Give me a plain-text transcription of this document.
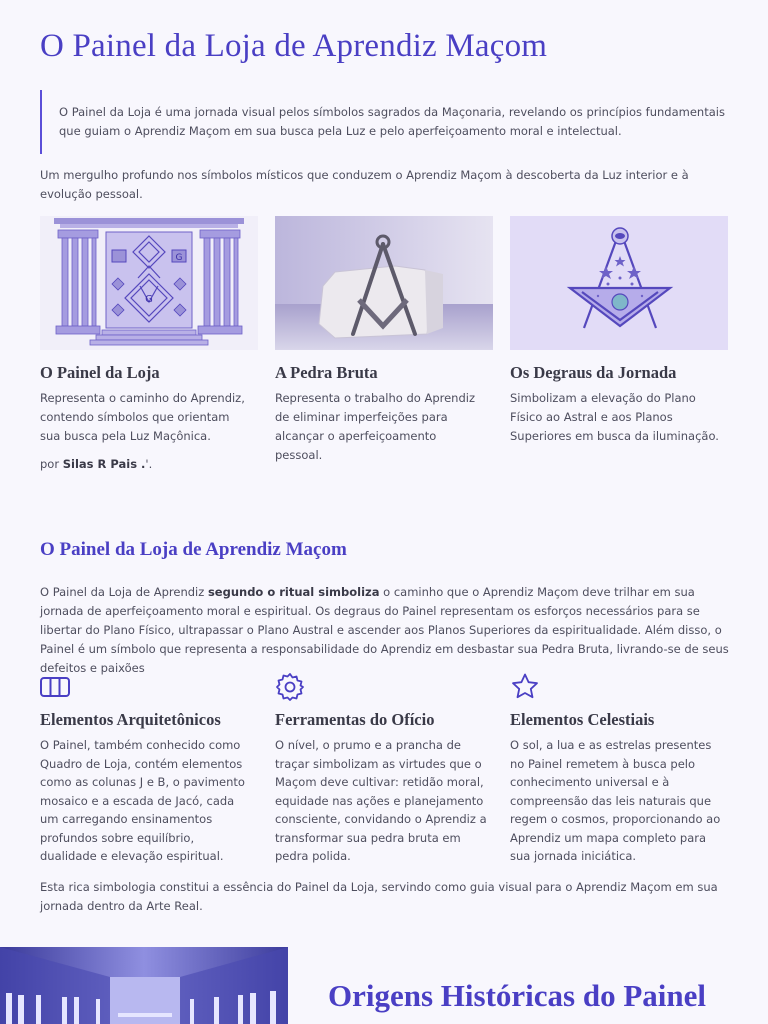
O Painel da Loja de Aprendiz Maçom
O Painel da Loja é uma jornada visual pelos símbolos sagrados da Maçonaria, revelando os princípios fundamentais que guiam o Aprendiz Maçom em sua busca pela Luz e pelo aperfeiçoamento moral e intelectual.

Um mergulho profundo nos símbolos místicos que conduzem o Aprendiz Maçom à descoberta da Luz interior e à evolução pessoal.

G
G
O Painel da Loja

Representa o caminho do Aprendiz, contendo símbolos que orientam sua busca pela Luz Maçônica.

A Pedra Bruta

Representa o trabalho do Aprendiz de eliminar imperfeições para alcançar o aperfeiçoamento pessoal.

Os Degraus da Jornada

Simbolizam a elevação do Plano Físico ao Astral e aos Planos Superiores em busca da iluminação.

por Silas R Pais .'.

O Painel da Loja de Aprendiz Maçom

O Painel da Loja de Aprendiz segundo o ritual simboliza o caminho que o Aprendiz Maçom deve trilhar em sua jornada de aperfeiçoamento moral e espiritual. Os degraus do Painel representam os esforços necessários para se libertar do Plano Físico, ultrapassar o Plano Austral e ascender aos Planos Superiores da espiritualidade. Além disso, o Painel é um símbolo que representa a responsabilidade do Aprendiz em desbastar sua Pedra Bruta, livrando-se de seus defeitos e paixões

Elementos Arquitetônicos

O Painel, também conhecido como Quadro de Loja, contém elementos como as colunas J e B, o pavimento mosaico e a escada de Jacó, cada um carregando ensinamentos profundos sobre equilíbrio, dualidade e elevação espiritual.

Ferramentas do Ofício

O nível, o prumo e a prancha de traçar simbolizam as virtudes que o Maçom deve cultivar: retidão moral, equidade nas ações e planejamento consciente, convidando o Aprendiz a transformar sua pedra bruta em pedra polida.

Elementos Celestiais

O sol, a lua e as estrelas presentes no Painel remetem à busca pelo conhecimento universal e à compreensão das leis naturais que regem o cosmos, proporcionando ao Aprendiz um mapa completo para sua jornada iniciática.

Esta rica simbologia constitui a essência do Painel da Loja, servindo como guia visual para o Aprendiz Maçom em sua jornada dentro da Arte Real.

Origens Históricas do Painel
